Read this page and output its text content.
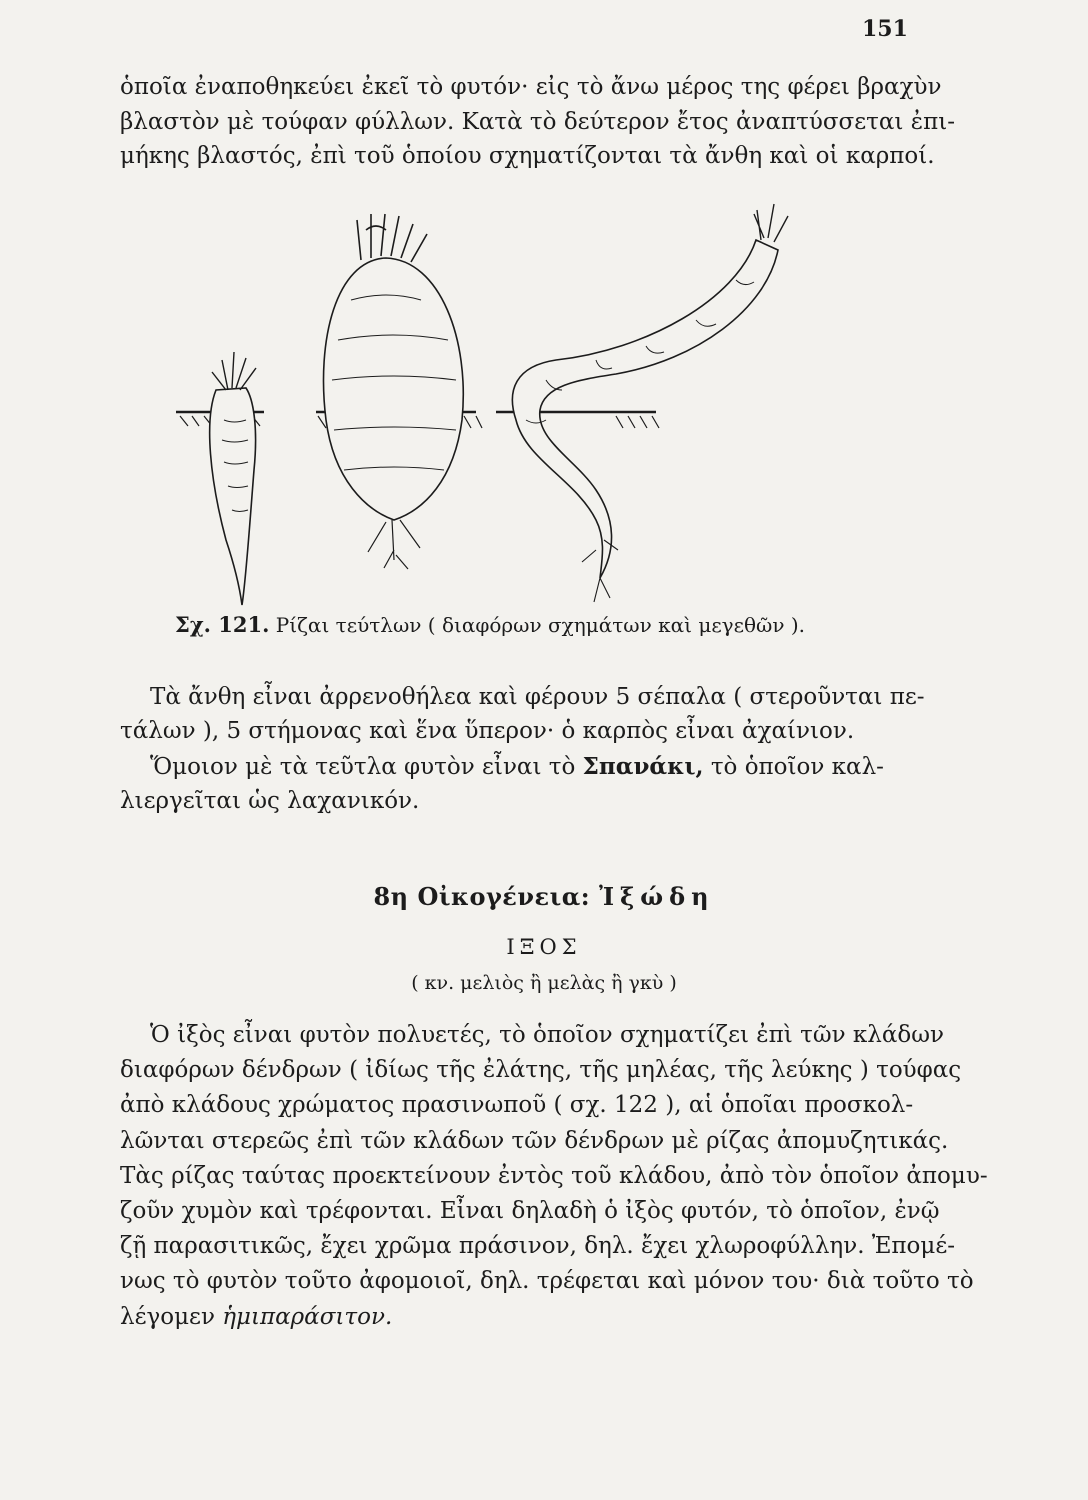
151

ὁποῖα ἐναποθηκεύει ἐκεῖ τὸ φυτόν· εἰς τὸ ἄνω μέρος της φέρει βραχὺν
βλαστὸν μὲ τούφαν φύλλων. Κατὰ τὸ δεύτερον ἔτος ἀναπτύσσεται ἐπι-
μήκης βλαστός, ἐπὶ τοῦ ὁποίου σχηματίζονται τὰ ἄνθη καὶ οἱ καρποί.

Σχ. 121. Ρίζαι τεύτλων ( διαφόρων σχημάτων καὶ μεγεθῶν ).

Τὰ ἄνθη εἶναι ἀρρενοθήλεα καὶ φέρουν 5 σέπαλα ( στεροῦνται πε-
τάλων ), 5 στήμονας καὶ ἕνα ὕπερον· ὁ καρπὸς εἶναι ἀχαίνιον.

Ὅμοιον μὲ τὰ τεῦτλα φυτὸν εἶναι τὸ Σπανάκι, τὸ ὁποῖον καλ-
λιεργεῖται ὡς λαχανικόν.

8η Οἰκογένεια: Ἰξώδη
ΙΞΟΣ
( κν. μελιὸς ἢ μελὰς ἢ γκὺ )

Ὁ ἰξὸς εἶναι φυτὸν πολυετές, τὸ ὁποῖον σχηματίζει ἐπὶ τῶν κλάδων
διαφόρων δένδρων ( ἰδίως τῆς ἐλάτης, τῆς μηλέας, τῆς λεύκης ) τούφας
ἀπὸ κλάδους χρώματος πρασινωποῦ ( σχ. 122 ), αἱ ὁποῖαι προσκολ-
λῶνται στερεῶς ἐπὶ τῶν κλάδων τῶν δένδρων μὲ ρίζας ἀπομυζητικάς.
Τὰς ρίζας ταύτας προεκτείνουν ἐντὸς τοῦ κλάδου, ἀπὸ τὸν ὁποῖον ἀπομυ-
ζοῦν χυμὸν καὶ τρέφονται. Εἶναι δηλαδὴ ὁ ἰξὸς φυτόν, τὸ ὁποῖον, ἐνῷ
ζῇ παρασιτικῶς, ἔχει χρῶμα πράσινον, δηλ. ἔχει χλωροφύλλην. Ἐπομέ-
νως τὸ φυτὸν τοῦτο ἀφομοιοῖ, δηλ. τρέφεται καὶ μόνον του· διὰ τοῦτο τὸ
λέγομεν ἡμιπαράσιτον.
